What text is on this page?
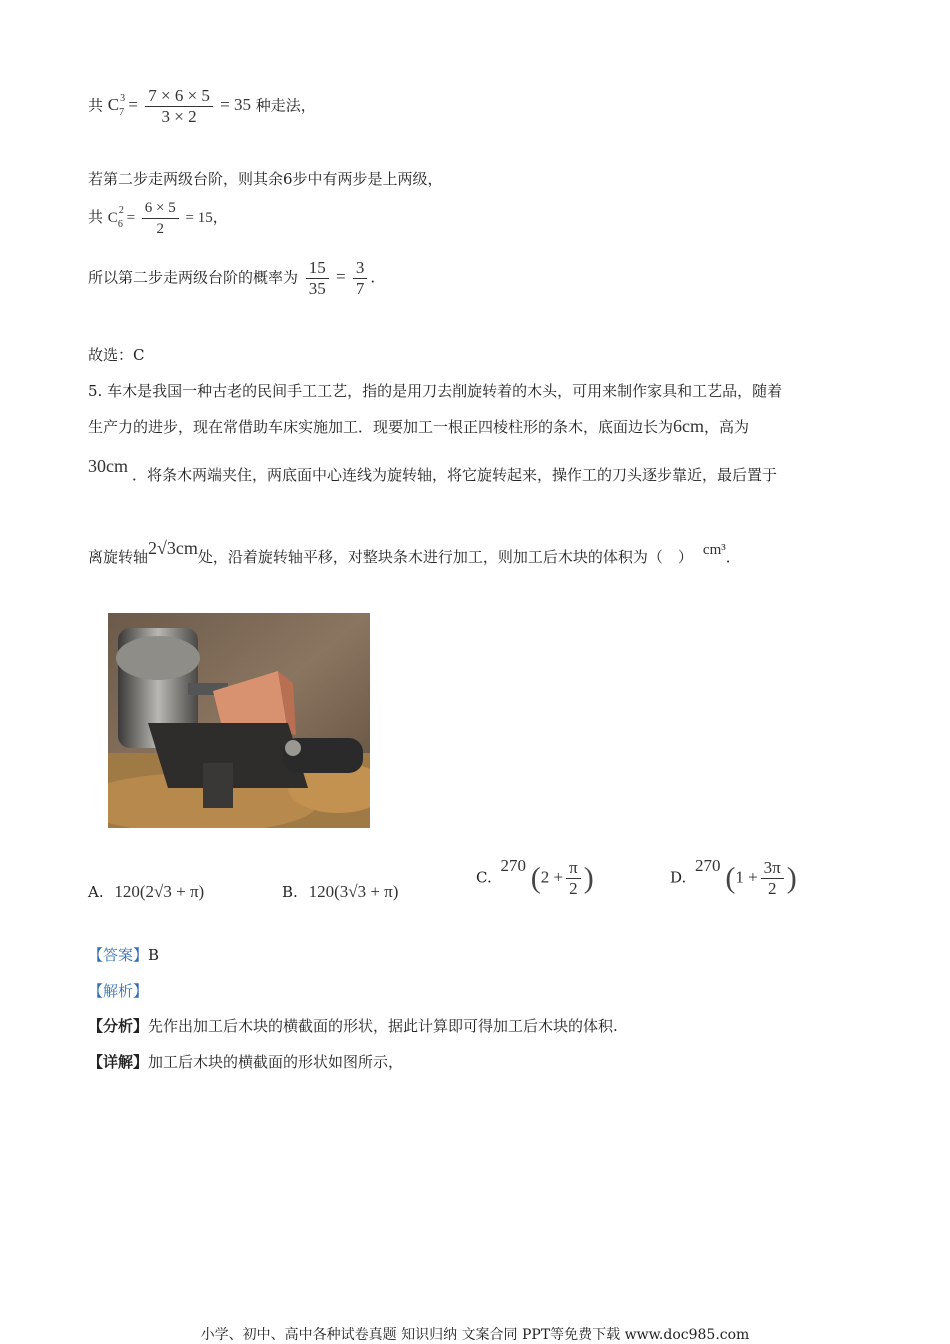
共 $C^3_7 = \frac{7 \times 6 \times 5}{3 \times 2} = 35$ 种走法，
若第二步走两级台阶，则其余6步中有两步是上两级，
共 $C^2_6 = \frac{6 \times 5}{2} = 15$，
所以第二步走两级台阶的概率为 $\frac{15}{35} = \frac{3}{7}$ .
故选：C
5. 车木是我国一种古老的民间手工工艺，指的是用刀去削旋转着的木头，可用来制作家具和工艺品，随着
生产力的进步，现在常借助车床实施加工．现要加工一根正四棱柱形的条木，底面边长为6cm，高为
30cm ．将条木两端夹住，两底面中心连线为旋转轴，将它旋转起来，操作工的刀头逐步靠近，最后置于
离旋转轴2√3cm处，沿着旋转轴平移，对整块条木进行加工，则加工后木块的体积为（　） cm³．
A. 120(2√3 + π)	B. 120(3√3 + π)
C. 270 ($2 + \frac{\pi}{2}$ )	D. 270 ($1 + \frac{3\pi}{2}$ )
【答案】B
【解析】
【分析】先作出加工后木块的横截面的形状，据此计算即可得加工后木块的体积.
【详解】加工后木块的横截面的形状如图所示，
小学、初中、高中各种试卷真题 知识归纳 文案合同 PPT等免费下载 www.doc985.com
